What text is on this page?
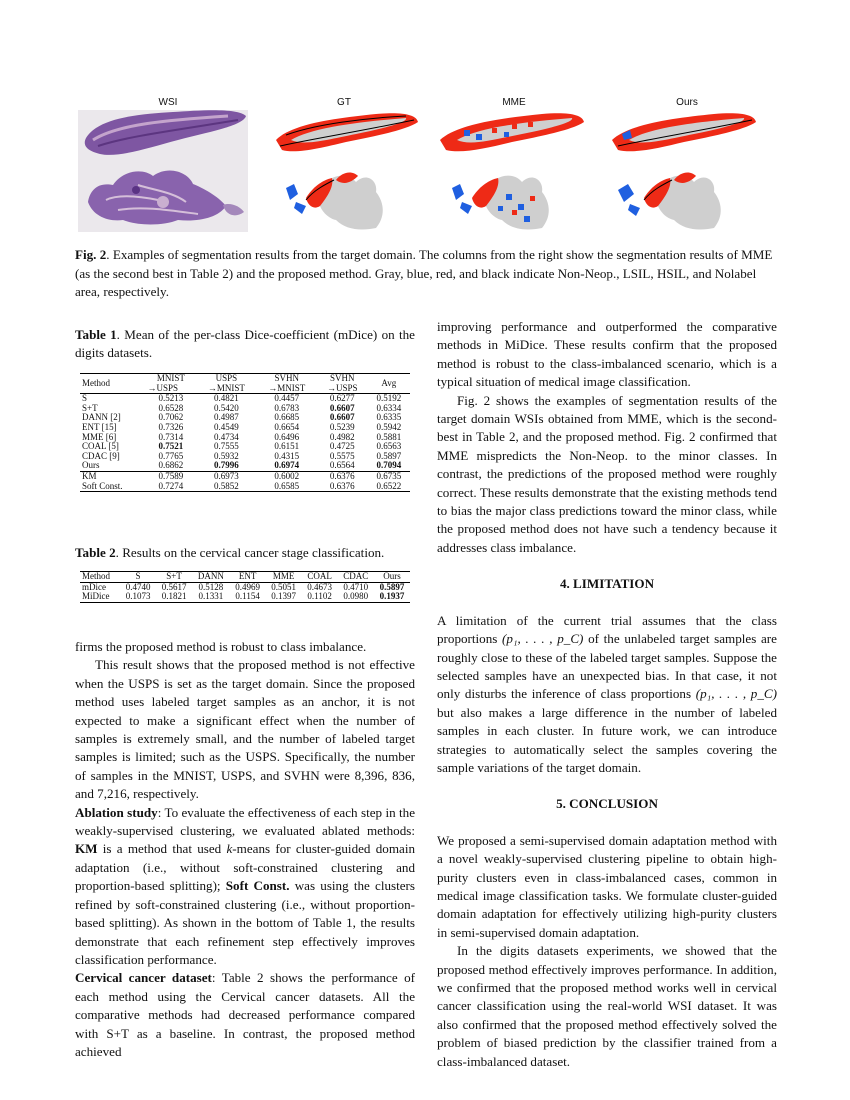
WSI	GT	MME	Ours
Fig. 2. Examples of segmentation results from the target domain. The columns from the right show the segmentation results of MME (as the second best in Table 2) and the proposed method. Gray, blue, red, and black indicate Non-Neop., LSIL, HSIL, and Nolabel area, respectively.
Table 1. Mean of the per-class Dice-coefficient (mDice) on the digits datasets.
Method	MNIST	USPS	SVHN	SVHN	Avg
	→USPS	→MNIST	→MNIST	→USPS	
S	0.5213	0.4821	0.4457	0.6277	0.5192
S+T	0.6528	0.5420	0.6783	0.6607	0.6334
DANN [2]	0.7062	0.4987	0.6685	0.6607	0.6335
ENT [15]	0.7326	0.4549	0.6654	0.5239	0.5942
MME [6]	0.7314	0.4734	0.6496	0.4982	0.5881
COAL [5]	0.7521	0.7555	0.6151	0.4725	0.6563
CDAC [9]	0.7765	0.5932	0.4315	0.5575	0.5897
Ours	0.6862	0.7996	0.6974	0.6564	0.7094
KM	0.7589	0.6973	0.6002	0.6376	0.6735
Soft Const.	0.7274	0.5852	0.6585	0.6376	0.6522
Table 2. Results on the cervical cancer stage classification.
Method	S	S+T	DANN	ENT	MME	COAL	CDAC	Ours
mDice	0.4740	0.5617	0.5128	0.4969	0.5051	0.4673	0.4710	0.5897
MiDice	0.1073	0.1821	0.1331	0.1154	0.1397	0.1102	0.0980	0.1937

firms the proposed method is robust to class imbalance.

This result shows that the proposed method is not effective when the USPS is set as the target domain. Since the proposed method uses labeled target samples as an anchor, it is not expected to make a significant effect when the number of samples is extremely small, and the number of labeled target samples is limited; such as the USPS. Specifically, the number of samples in the MNIST, USPS, and SVHN were 8,396, 836, and 7,216, respectively.

Ablation study: To evaluate the effectiveness of each step in the weakly-supervised clustering, we evaluated ablated methods: KM is a method that used k-means for cluster-guided domain adaptation (i.e., without soft-constrained clustering and proportion-based splitting); Soft Const. was using the clusters refined by soft-constrained clustering (i.e., without proportion-based splitting). As shown in the bottom of Table 1, the results demonstrate that each refinement step effectively improves classification performance.

Cervical cancer dataset: Table 2 shows the performance of each method using the Cervical cancer datasets. All the comparative methods had decreased performance compared with S+T as a baseline. In contrast, the proposed method achieved

improving performance and outperformed the comparative methods in MiDice. These results confirm that the proposed method is robust to the class-imbalanced scenario, which is a typical situation of medical image classification.

Fig. 2 shows the examples of segmentation results of the target domain WSIs obtained from MME, which is the second-best in Table 2, and the proposed method. Fig. 2 confirmed that MME mispredicts the Non-Neop. to the minor classes. In contrast, the predictions of the proposed method were roughly correct. These results demonstrate that the existing methods tend to bias the major class predictions toward the minor class, while the proposed method does not have such a tendency because it addresses class imbalance.

4. LIMITATION

A limitation of the current trial assumes that the class proportions (p₁, . . . , p_C) of the unlabeled target samples are roughly close to these of the labeled target samples. Suppose the selected samples have an unexpected bias. In that case, it not only disturbs the inference of class proportions (p₁, . . . , p_C) but also makes a large difference in the number of labeled samples in each cluster. In future work, we can introduce strategies to automatically select the samples covering the sample variations of the target domain.

5. CONCLUSION

We proposed a semi-supervised domain adaptation method with a novel weakly-supervised clustering pipeline to obtain high-purity clusters even in class-imbalanced cases, common in medical image classification tasks. We formulate cluster-guided domain adaptation for effectively utilizing high-purity clusters in semi-supervised domain adaptation.

In the digits datasets experiments, we showed that the proposed method effectively improves performance. In addition, we confirmed that the proposed method works well in cervical cancer classification using the real-world WSI dataset. It was also confirmed that the proposed method effectively solved the problem of biased prediction by the classifier trained from a class-imbalanced dataset.
